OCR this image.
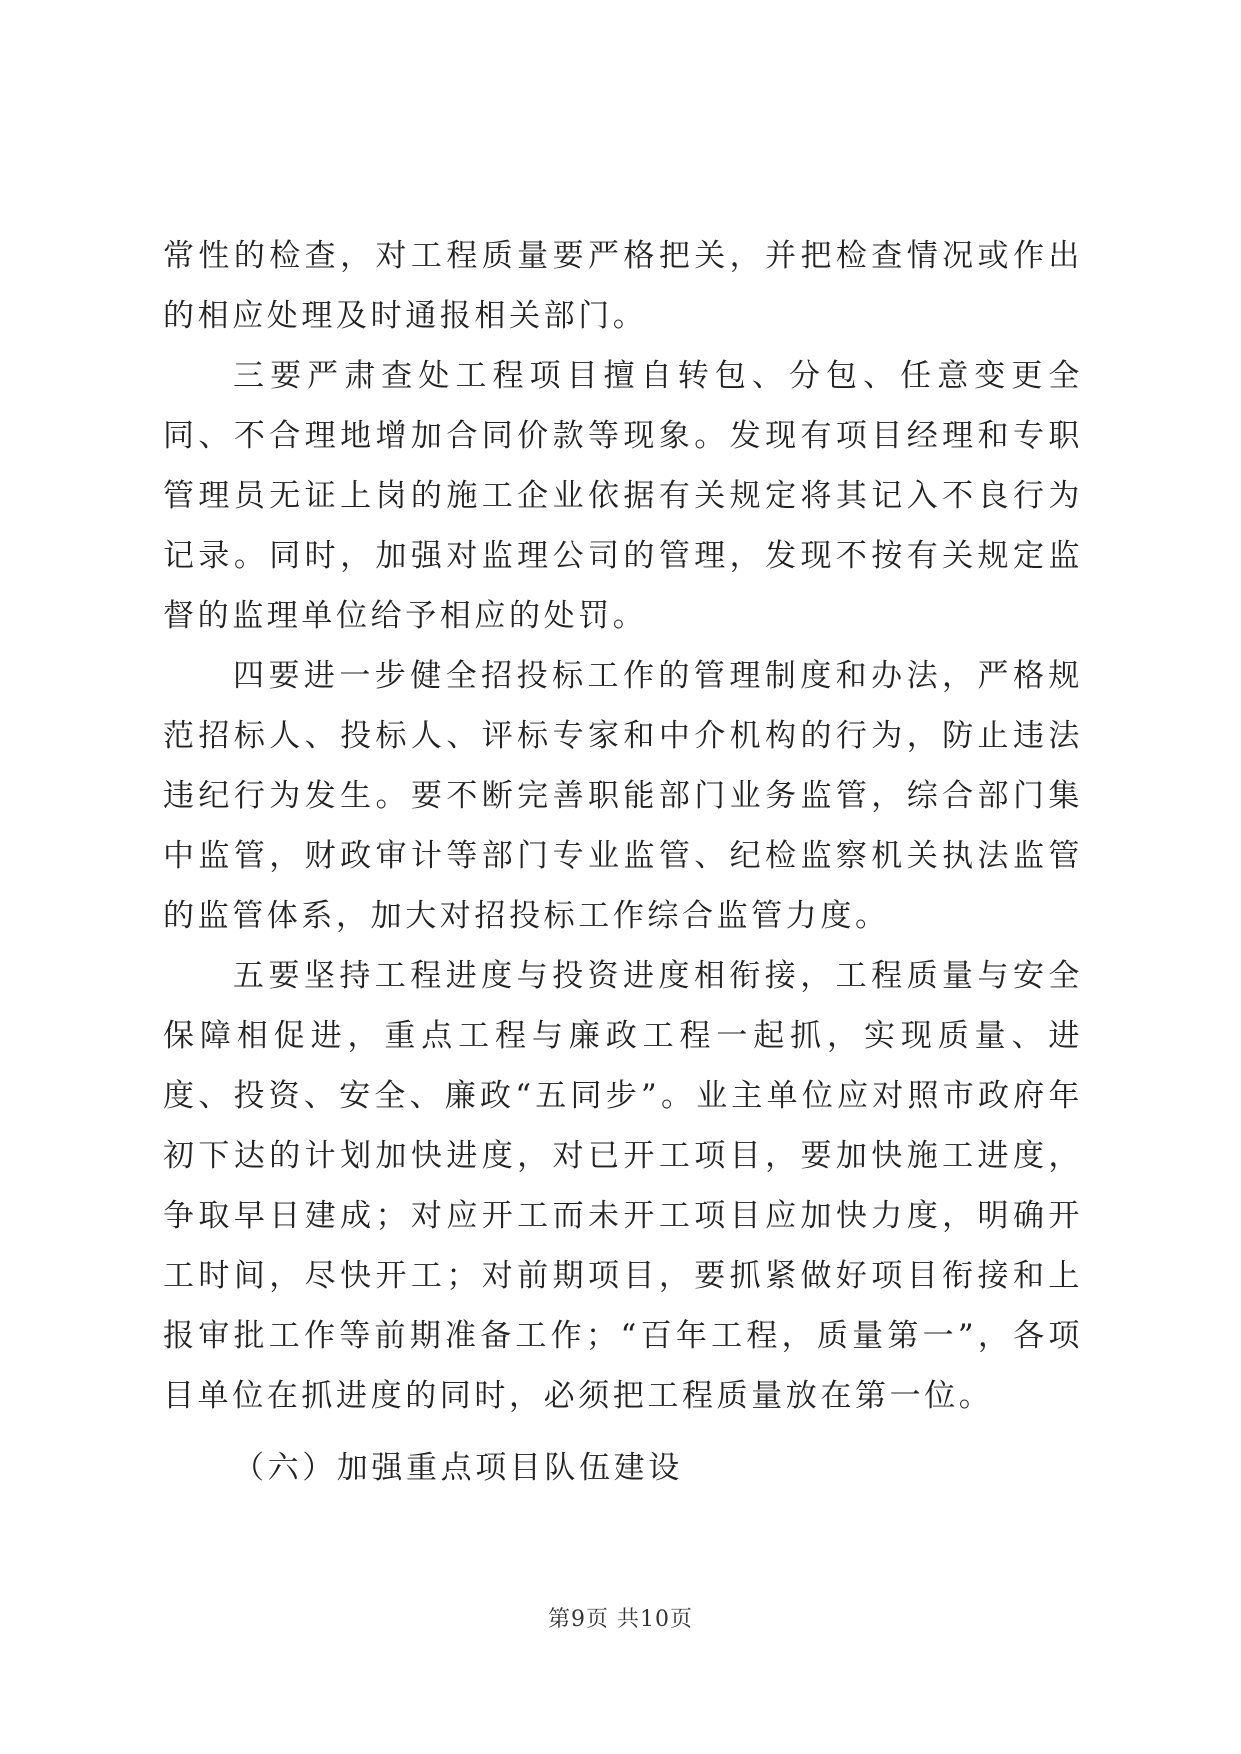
常性的检查，对工程质量要严格把关，并把检查情况或作出的相应处理及时通报相关部门。

三要严肃查处工程项目擅自转包、分包、任意变更全同、不合理地增加合同价款等现象。发现有项目经理和专职管理员无证上岗的施工企业依据有关规定将其记入不良行为记录。同时，加强对监理公司的管理，发现不按有关规定监督的监理单位给予相应的处罚。

四要进一步健全招投标工作的管理制度和办法，严格规范招标人、投标人、评标专家和中介机构的行为，防止违法违纪行为发生。要不断完善职能部门业务监管，综合部门集中监管，财政审计等部门专业监管、纪检监察机关执法监管的监管体系，加大对招投标工作综合监管力度。

五要坚持工程进度与投资进度相衔接，工程质量与安全保障相促进，重点工程与廉政工程一起抓，实现质量、进度、投资、安全、廉政“五同步”。业主单位应对照市政府年初下达的计划加快进度，对已开工项目，要加快施工进度，争取早日建成；对应开工而未开工项目应加快力度，明确开工时间，尽快开工；对前期项目，要抓紧做好项目衔接和上报审批工作等前期准备工作；“百年工程，质量第一”，各项目单位在抓进度的同时，必须把工程质量放在第一位。

（六）加强重点项目队伍建设

第9页 共10页
